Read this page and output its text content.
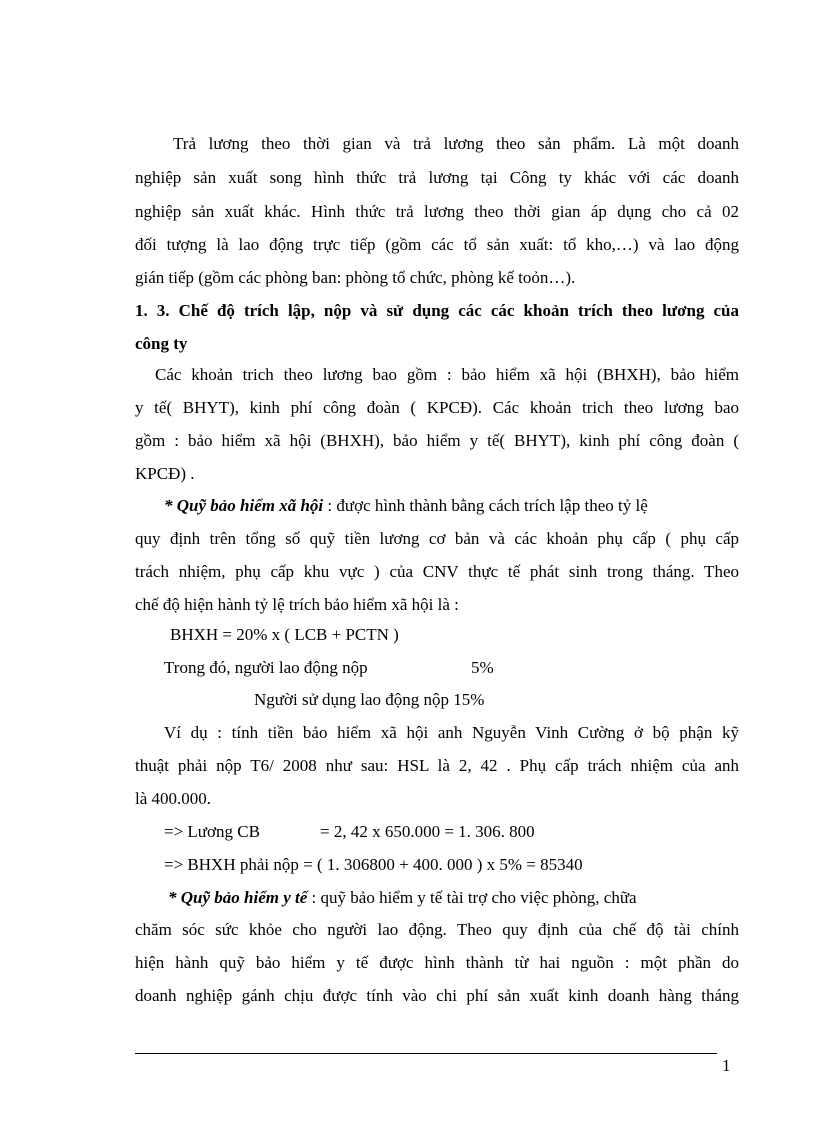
Trả lương theo thời gian và trả lương theo sản phẩm. Là một doanh
nghiệp sản xuất song hình thức trả lương tại Công ty khác với các doanh
nghiệp sản xuất khác. Hình thức trả lương theo thời gian áp dụng cho cả 02
đối tượng là lao động trực tiếp (gồm các tổ sản xuất: tổ kho,…) và lao động
gián tiếp (gồm các phòng ban: phòng tổ chức, phòng kế toỏn…).
1. 3. Chế độ trích lập, nộp và sử dụng các các khoản trích theo lương của
công ty
Các khoản trich theo lương bao gồm : bảo hiểm xã hội (BHXH), bảo hiểm
y tế( BHYT), kinh phí công đoàn ( KPCĐ). Các khoản trich theo lương bao
gồm : bảo hiểm xã hội (BHXH), bảo hiểm y tế( BHYT), kinh phí công đoàn (
KPCĐ) .
* Quỹ bảo hiểm xã hội : được hình thành bằng cách trích lập theo tỷ lệ
quy định trên tổng số quỹ tiền lương cơ bản và các khoản phụ cấp ( phụ cấp
trách nhiệm, phụ cấp khu vực ) của CNV thực tế phát sinh trong tháng. Theo
chế độ hiện hành tỷ lệ trích bảo hiểm xã hội là :
BHXH = 20% x ( LCB + PCTN )
Trong đó, người lao động nộp	5%
Người sử dụng lao động nộp 15%
Ví dụ : tính tiền bảo hiểm xã hội anh Nguyễn Vinh Cường ở bộ phận kỹ
thuật phải nộp T6/ 2008 như sau: HSL là 2, 42 . Phụ cấp trách nhiệm của anh
là 400.000.
=> Lương CB	= 2, 42 x 650.000 = 1. 306. 800
=> BHXH phải nộp = ( 1. 306800 + 400. 000 ) x 5% = 85340
* Quỹ bảo hiểm y tế : quỹ bảo hiểm y tế tài trợ cho việc phòng, chữa
chăm sóc sức khỏe cho người lao động. Theo quy định của chế độ tài chính
hiện hành quỹ bảo hiểm y tế được hình thành từ hai nguồn : một phần do
doanh nghiệp gánh chịu được tính vào chi phí sản xuất kinh doanh hàng tháng
1
